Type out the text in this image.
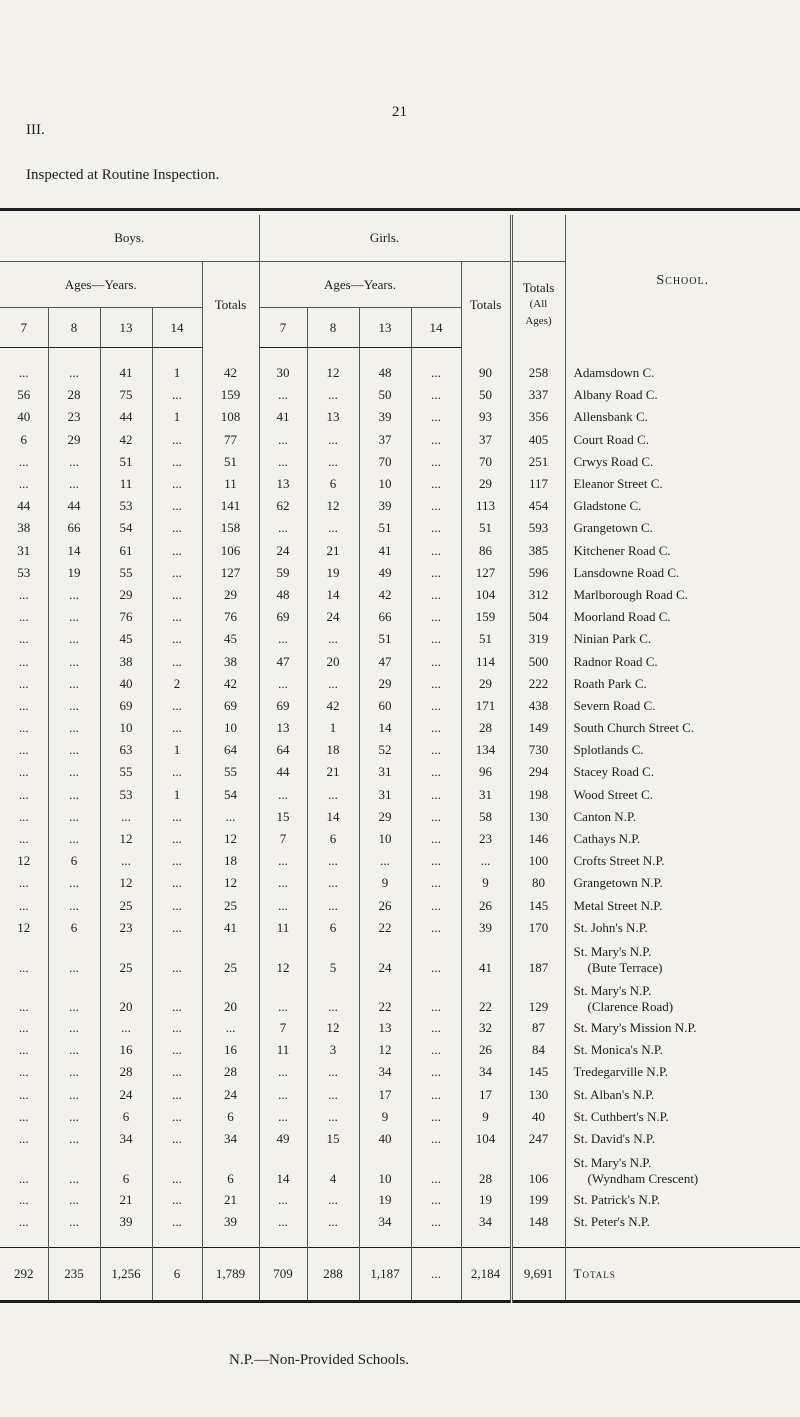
21
III.
Inspected at Routine Inspection.

Boys.					Girls.						School.
Ages—Years.				Totals	Ages—Years.				Totals	Totals
(All
Ages)	
7	8	13	14		7	8	13	14			

...	...	41	1	42	30	12	48	...	90	258	Adamsdown C.
56	28	75	...	159	...	...	50	...	50	337	Albany Road C.
40	23	44	1	108	41	13	39	...	93	356	Allensbank C.
6	29	42	...	77	...	...	37	...	37	405	Court Road C.
...	...	51	...	51	...	...	70	...	70	251	Crwys Road C.
...	...	11	...	11	13	6	10	...	29	117	Eleanor Street C.
44	44	53	...	141	62	12	39	...	113	454	Gladstone C.
38	66	54	...	158	...	...	51	...	51	593	Grangetown C.
31	14	61	...	106	24	21	41	...	86	385	Kitchener Road C.
53	19	55	...	127	59	19	49	...	127	596	Lansdowne Road C.
...	...	29	...	29	48	14	42	...	104	312	Marlborough Road C.
...	...	76	...	76	69	24	66	...	159	504	Moorland Road C.
...	...	45	...	45	...	...	51	...	51	319	Ninian Park C.
...	...	38	...	38	47	20	47	...	114	500	Radnor Road C.
...	...	40	2	42	...	...	29	...	29	222	Roath Park C.
...	...	69	...	69	69	42	60	...	171	438	Severn Road C.
...	...	10	...	10	13	1	14	...	28	149	South Church Street C.
...	...	63	1	64	64	18	52	...	134	730	Splotlands C.
...	...	55	...	55	44	21	31	...	96	294	Stacey Road C.
...	...	53	1	54	...	...	31	...	31	198	Wood Street C.
...	...	...	...	...	15	14	29	...	58	130	Canton N.P.
...	...	12	...	12	7	6	10	...	23	146	Cathays N.P.
12	6	...	...	18	...	...	...	...	...	100	Crofts Street N.P.
...	...	12	...	12	...	...	9	...	9	80	Grangetown N.P.
...	...	25	...	25	...	...	26	...	26	145	Metal Street N.P.
12	6	23	...	41	11	6	22	...	39	170	St. John's N.P.
...	...	25	...	25	12	5	24	...	41	187	St. Mary's N.P.
(Bute Terrace)

...	...	20	...	20	...	...	22	...	22	129	St. Mary's N.P.
(Clarence Road)

...	...	...	...	...	7	12	13	...	32	87	St. Mary's Mission N.P.
...	...	16	...	16	11	3	12	...	26	84	St. Monica's N.P.
...	...	28	...	28	...	...	34	...	34	145	Tredegarville N.P.
...	...	24	...	24	...	...	17	...	17	130	St. Alban's N.P.
...	...	6	...	6	...	...	9	...	9	40	St. Cuthbert's N.P.
...	...	34	...	34	49	15	40	...	104	247	St. David's N.P.
...	...	6	...	6	14	4	10	...	28	106	St. Mary's N.P.
(Wyndham Crescent)

...	...	21	...	21	...	...	19	...	19	199	St. Patrick's N.P.
...	...	39	...	39	...	...	34	...	34	148	St. Peter's N.P.

292	235	1,256	6	1,789	709	288	1,187	...	2,184	9,691	Totals
N.P.—Non-Provided Schools.
